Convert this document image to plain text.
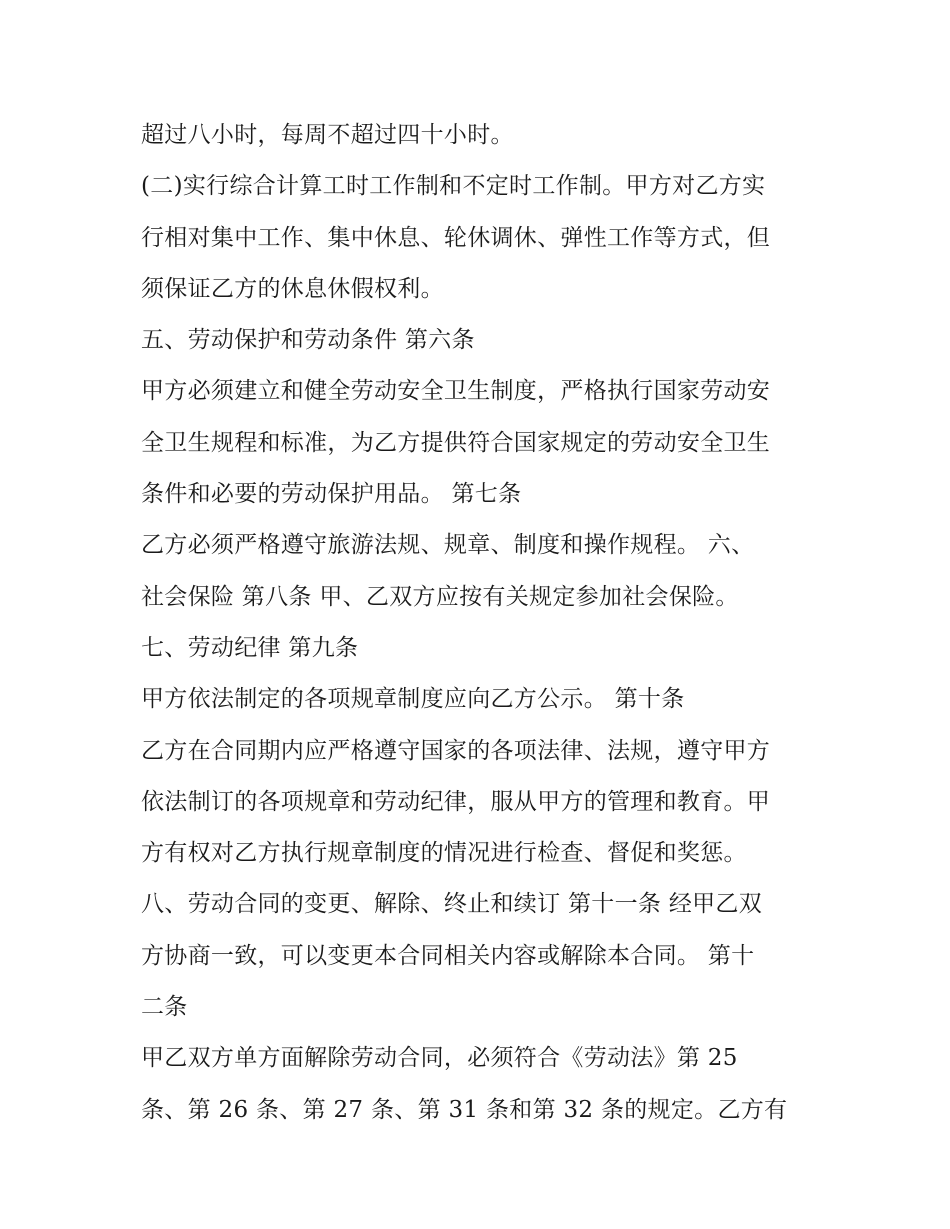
超过八小时，每周不超过四十小时。
(二)实行综合计算工时工作制和不定时工作制。甲方对乙方实
行相对集中工作、集中休息、轮休调休、弹性工作等方式，但
须保证乙方的休息休假权利。
五、劳动保护和劳动条件 第六条
甲方必须建立和健全劳动安全卫生制度，严格执行国家劳动安
全卫生规程和标准，为乙方提供符合国家规定的劳动安全卫生
条件和必要的劳动保护用品。 第七条
乙方必须严格遵守旅游法规、规章、制度和操作规程。 六、
社会保险 第八条 甲、乙双方应按有关规定参加社会保险。
七、劳动纪律 第九条
甲方依法制定的各项规章制度应向乙方公示。 第十条
乙方在合同期内应严格遵守国家的各项法律、法规，遵守甲方
依法制订的各项规章和劳动纪律，服从甲方的管理和教育。甲
方有权对乙方执行规章制度的情况进行检查、督促和奖惩。
八、劳动合同的变更、解除、终止和续订 第十一条 经甲乙双
方协商一致，可以变更本合同相关内容或解除本合同。 第十
二条
甲乙双方单方面解除劳动合同，必须符合《劳动法》第 25
条、第 26 条、第 27 条、第 31 条和第 32 条的规定。乙方有
